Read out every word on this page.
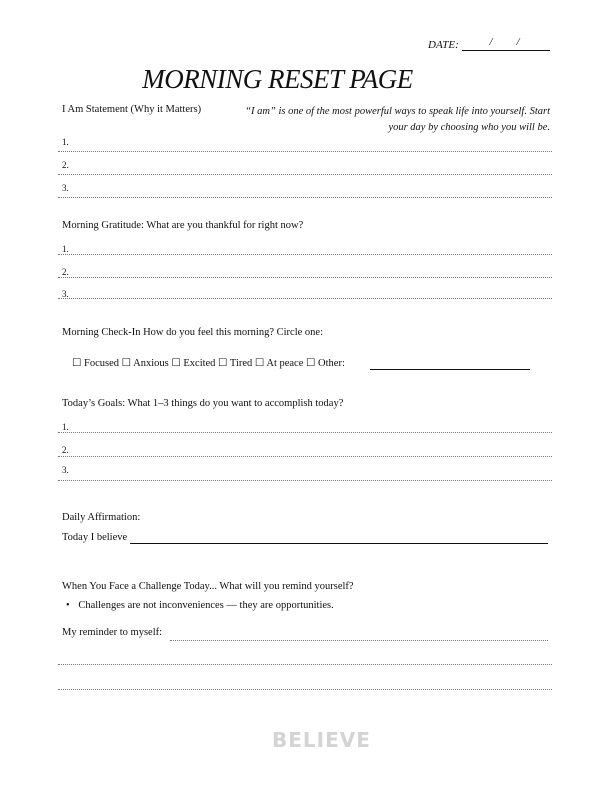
DATE:	/ /
MORNING RESET PAGE
I Am Statement (Why it Matters)	“I am” is one of the most powerful ways to speak life into yourself. Start
your day by choosing who you will be.
1.
2.
3.
Morning Gratitude: What are you thankful for right now?
1.
2.
3.
Morning Check-In How do you feel this morning? Circle one:
☐ Focused ☐ Anxious ☐ Excited ☐ Tired ☐ At peace ☐ Other:
Today’s Goals: What 1–3 things do you want to accomplish today?
1.
2.
3.
Daily Affirmation:
Today I believe
When You Face a Challenge Today... What will you remind yourself?
• Challenges are not inconveniences — they are opportunities.
My reminder to myself:
BELIEVE
